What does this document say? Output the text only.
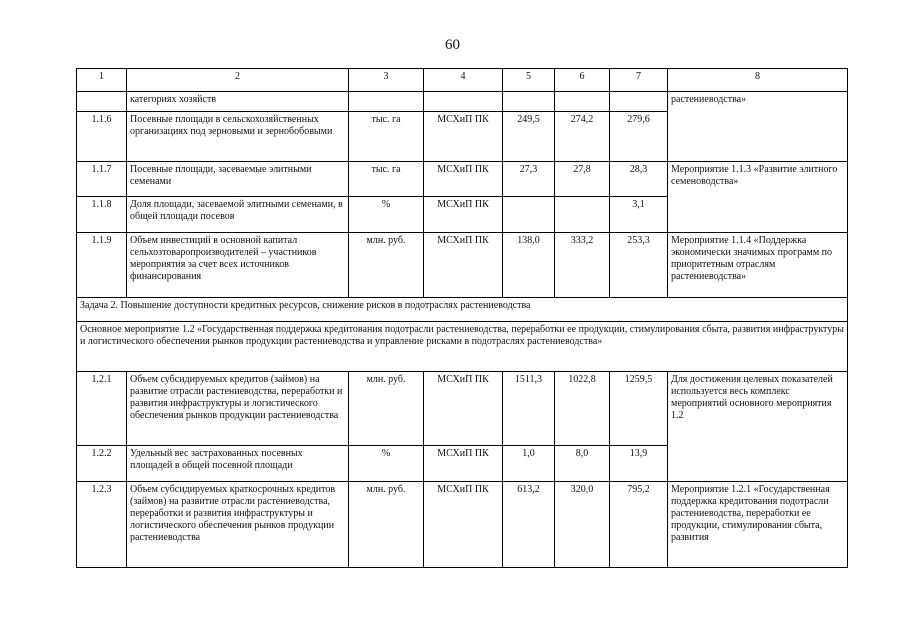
60
1	2	3	4	5	6	7	8
	категориях хозяйств						растениеводства»
1.1.6	Посевные площади в сельскохозяйственных организациях под зерновыми и зернобобовыми	тыс. га	МСХиП ПК	249,5	274,2	279,6	
1.1.7	Посевные площади, засеваемые элитными семенами	тыс. га	МСХиП ПК	27,3	27,8	28,3	Мероприятие 1.1.3 «Развитие элитного семеноводства»
1.1.8	Доля площади, засеваемой элитными семенами, в общей площади посевов	%	МСХиП ПК			3,1	
1.1.9	Объем инвестиций в основной капитал сельхозтоваропроизводителей – участников мероприятия за счет всех источников финансирования	млн. руб.	МСХиП ПК	138,0	333,2	253,3	Мероприятие 1.1.4 «Поддержка экономически значимых программ по приоритетным отраслям растениеводства»
Задача 2. Повышение доступности кредитных ресурсов, снижение рисков в подотраслях растениеводства							
Основное мероприятие 1.2 «Государственная поддержка кредитования подотрасли растениеводства, переработки ее продукции, стимулирования сбыта, развития инфраструктуры и логистического обеспечения рынков продукции растениеводства и управление рисками в подотраслях растениеводства»							
1.2.1	Объем субсидируемых кредитов (займов) на развитие отрасли растениеводства, переработки и развития инфраструктуры и логистического обеспечения рынков продукции растениеводства	млн. руб.	МСХиП ПК	1511,3	1022,8	1259,5	Для достижения целевых показателей используется весь комплекс мероприятий основного мероприятия 1.2
1.2.2	Удельный вес застрахованных посевных площадей в общей посевной площади	%	МСХиП ПК	1,0	8,0	13,9	
1.2.3	Объем субсидируемых краткосрочных кредитов (займов) на развитие отрасли растениеводства, переработки и развития инфраструктуры и логистического обеспечения рынков продукции растениеводства	млн. руб.	МСХиП ПК	613,2	320,0	795,2	Мероприятие 1.2.1 «Государственная поддержка кредитования подотрасли растениеводства, переработки ее продукции, стимулирования сбыта, развития
